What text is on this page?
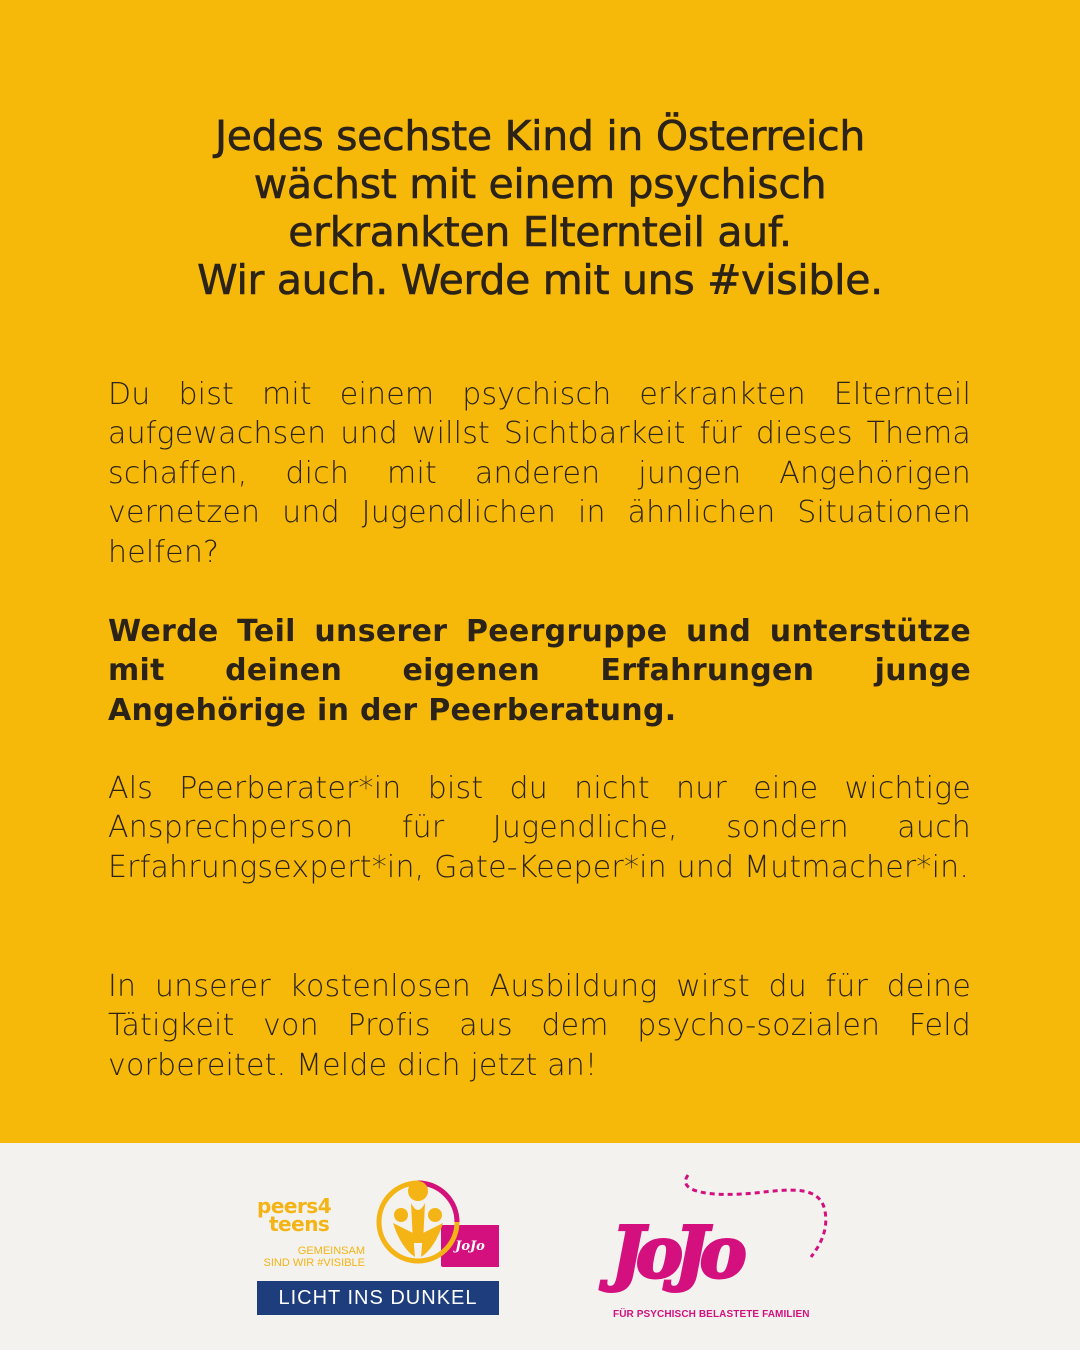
Jedes sechste Kind in Österreich
wächst mit einem psychisch
erkrankten Elternteil auf.
Wir auch. Werde mit uns #visible.

Du bist mit einem psychisch erkrankten Elternteil aufgewachsen und willst Sichtbarkeit für dieses Thema schaffen, dich mit anderen jungen Angehörigen vernetzen und Jugendlichen in ähnlichen Situationen helfen?

Werde Teil unserer Peergruppe und unterstütze mit deinen eigenen Erfahrungen junge Angehörige in der Peerberatung.

Als Peerberater*in bist du nicht nur eine wichtige Ansprechperson für Jugendliche, sondern auch Erfahrungsexpert*in, Gate-Keeper*in und Mutmacher*in.

In unserer kostenlosen Ausbildung wirst du für deine Tätigkeit von Profis aus dem psycho-sozialen Feld vorbereitet. Melde dich jetzt an!

peers4
teens
GEMEINSAM
SIND WIR #VISIBLE
JoJo
LICHT INS DUNKEL
JoJo
FÜR PSYCHISCH BELASTETE FAMILIEN
